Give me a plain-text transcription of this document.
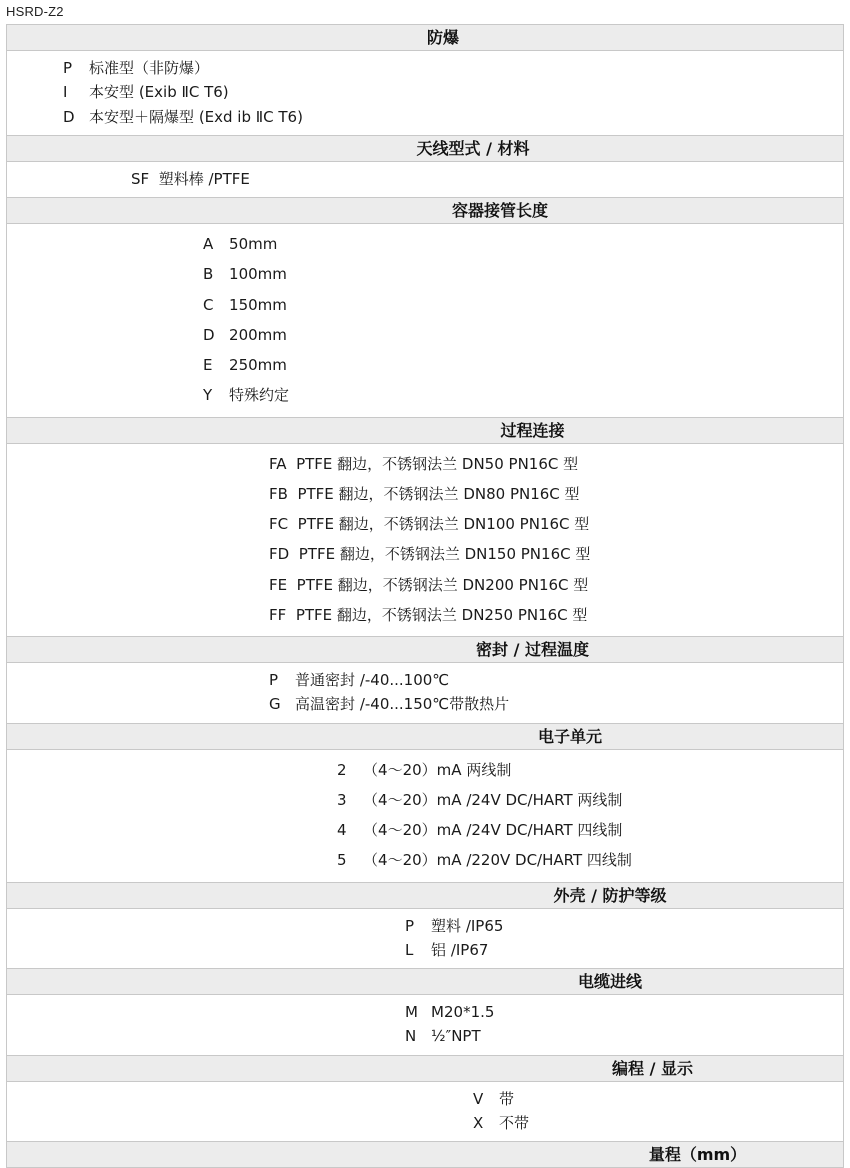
HSRD-Z2
防爆

P 标准型（非防爆）
I 本安型 (Exib ⅡC T6)
D 本安型＋隔爆型 (Exd ib ⅡC T6)

天线型式 / 材料

SF 塑料棒 /PTFE

容器接管长度

A 50mm
B 100mm
C 150mm
D 200mm
E 250mm
Y 特殊约定

过程连接

FA PTFE 翻边，不锈钢法兰 DN50 PN16C 型
FB PTFE 翻边，不锈钢法兰 DN80 PN16C 型
FC PTFE 翻边，不锈钢法兰 DN100 PN16C 型
FD PTFE 翻边，不锈钢法兰 DN150 PN16C 型
FE PTFE 翻边，不锈钢法兰 DN200 PN16C 型
FF PTFE 翻边，不锈钢法兰 DN250 PN16C 型

密封 / 过程温度

P 普通密封 /-40...100℃
G 高温密封 /-40...150℃带散热片

电子单元

2 （4～20）mA 两线制
3 （4～20）mA /24V DC/HART 两线制
4 （4～20）mA /24V DC/HART 四线制
5 （4～20）mA /220V DC/HART 四线制

外壳 / 防护等级

P 塑料 /IP65
L 铝 /IP67

电缆进线

M M20*1.5
N ½″NPT

编程 / 显示

V 带
X 不带

量程（mm）
